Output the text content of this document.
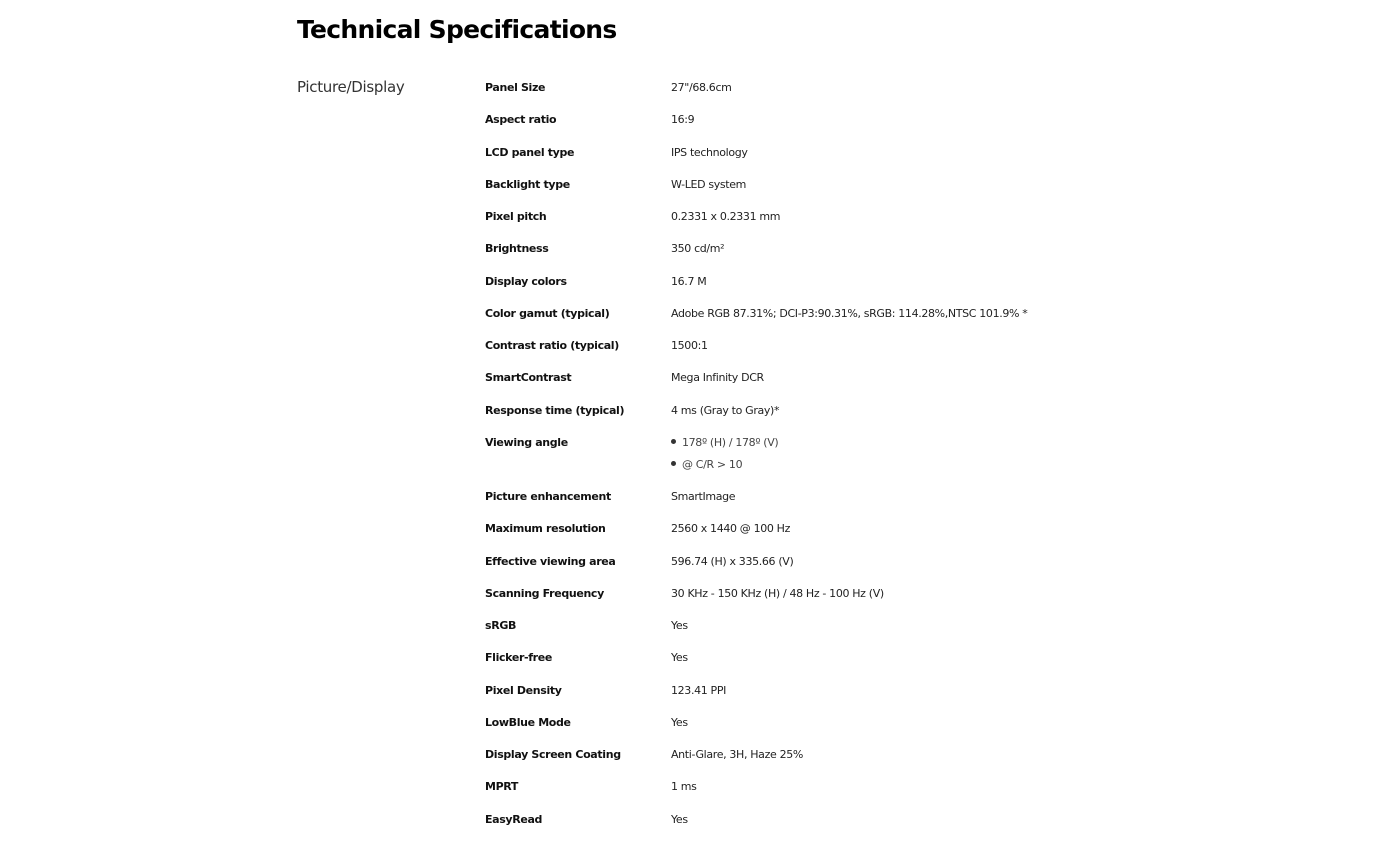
Technical Specifications
Picture/Display	Panel Size	27"/68.6cm
Aspect ratio	16:9
LCD panel type	IPS technology
Backlight type	W-LED system
Pixel pitch	0.2331 x 0.2331 mm
Brightness	350 cd/m²
Display colors	16.7 M
Color gamut (typical)	Adobe RGB 87.31%; DCI-P3:90.31%, sRGB: 114.28%,NTSC 101.9% *
Contrast ratio (typical)	1500:1
SmartContrast	Mega Infinity DCR
Response time (typical)	4 ms (Gray to Gray)*
Viewing angle	178º (H) / 178º (V)
@ C/R > 10
Picture enhancement	SmartImage
Maximum resolution	2560 x 1440 @ 100 Hz
Effective viewing area	596.74 (H) x 335.66 (V)
Scanning Frequency	30 KHz - 150 KHz (H) / 48 Hz - 100 Hz (V)
sRGB	Yes
Flicker-free	Yes
Pixel Density	123.41 PPI
LowBlue Mode	Yes
Display Screen Coating	Anti-Glare, 3H, Haze 25%
MPRT	1 ms
EasyRead	Yes
